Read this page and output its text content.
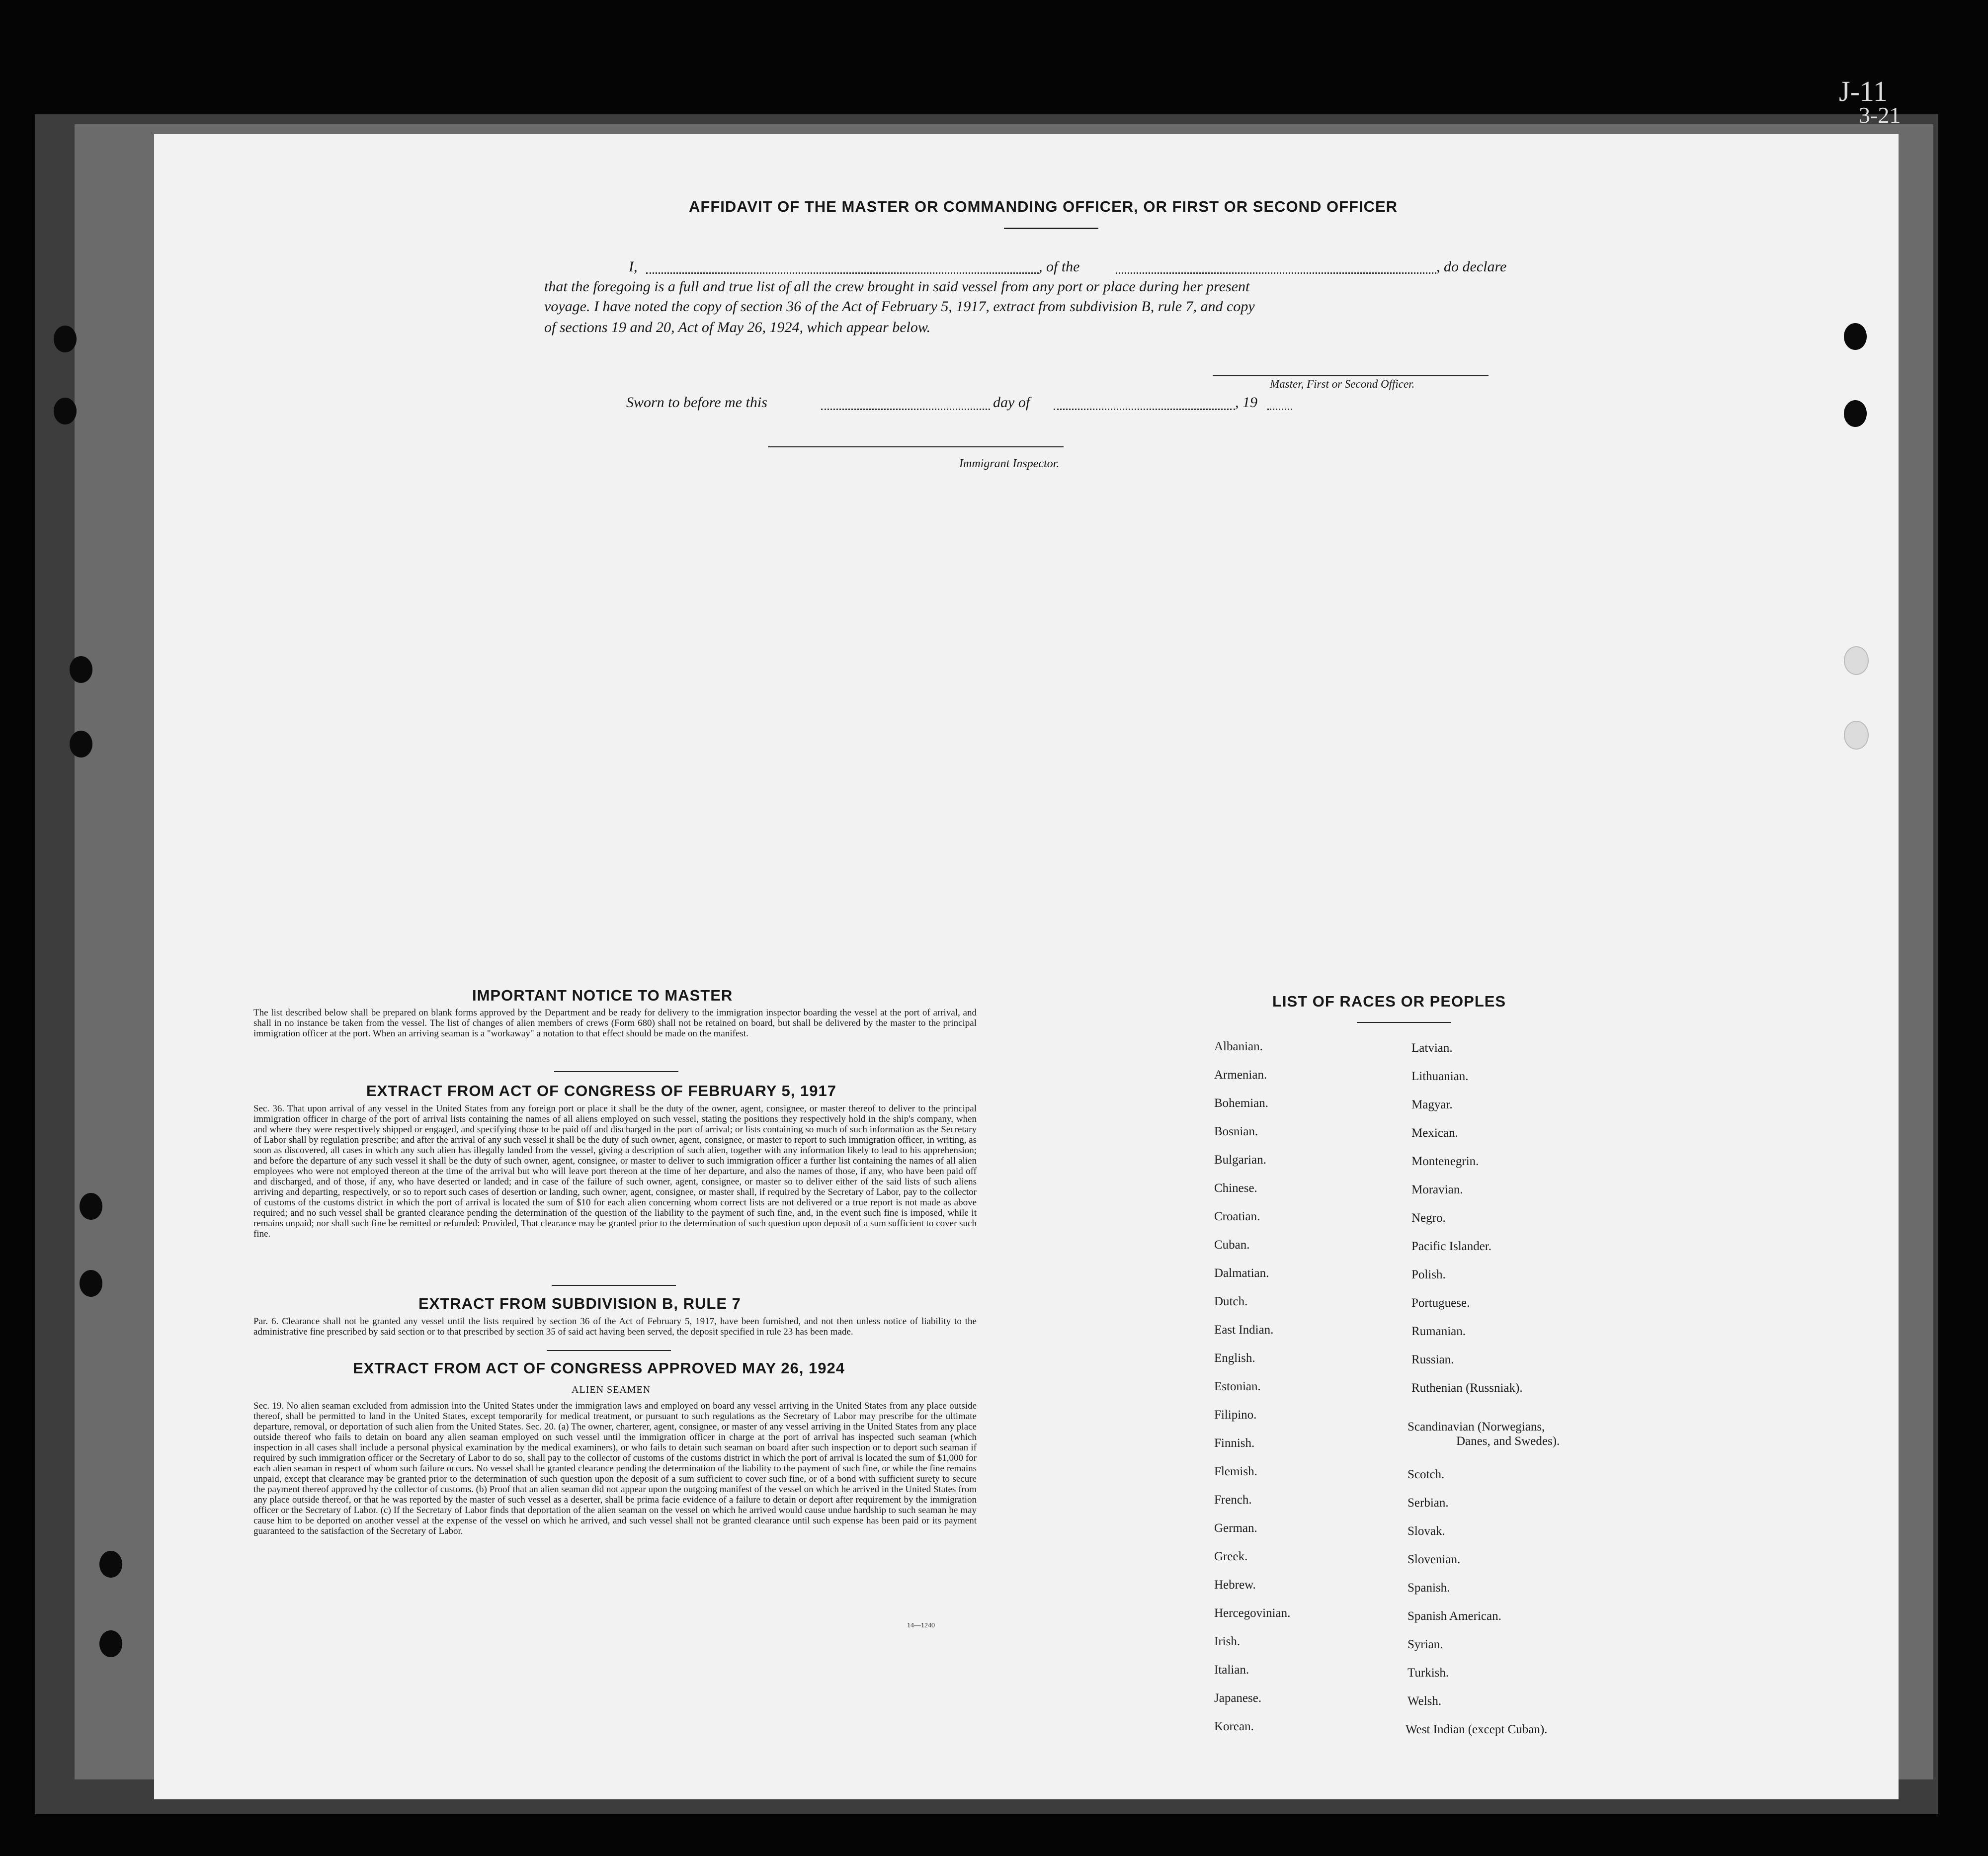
J-11
3-21
AFFIDAVIT OF THE MASTER OR COMMANDING OFFICER, OR FIRST OR SECOND OFFICER
I,	, of the	, do declare
that the foregoing is a full and true list of all the crew brought in said vessel from any port or place during her present
voyage. I have noted the copy of section 36 of the Act of February 5, 1917, extract from subdivision B, rule 7, and copy
of sections 19 and 20, Act of May 26, 1924, which appear below.
Master, First or Second Officer.
Sworn to before me this	day of	, 19
Immigrant Inspector.
IMPORTANT NOTICE TO MASTER
The list described below shall be prepared on blank forms approved by the Department and be ready for delivery to the immigration inspector boarding the vessel at the port of arrival, and shall in no instance be taken from the vessel. The list of changes of alien members of crews (Form 680) shall not be retained on board, but shall be delivered by the master to the principal immigration officer at the port. When an arriving seaman is a "workaway" a notation to that effect should be made on the manifest.
EXTRACT FROM ACT OF CONGRESS OF FEBRUARY 5, 1917
Sec. 36. That upon arrival of any vessel in the United States from any foreign port or place it shall be the duty of the owner, agent, consignee, or master thereof to deliver to the principal immigration officer in charge of the port of arrival lists containing the names of all aliens employed on such vessel, stating the positions they respectively hold in the ship's company, when and where they were respectively shipped or engaged, and specifying those to be paid off and discharged in the port of arrival; or lists containing so much of such information as the Secretary of Labor shall by regulation prescribe; and after the arrival of any such vessel it shall be the duty of such owner, agent, consignee, or master to report to such immigration officer, in writing, as soon as discovered, all cases in which any such alien has illegally landed from the vessel, giving a description of such alien, together with any information likely to lead to his apprehension; and before the departure of any such vessel it shall be the duty of such owner, agent, consignee, or master to deliver to such immigration officer a further list containing the names of all alien employees who were not employed thereon at the time of the arrival but who will leave port thereon at the time of her departure, and also the names of those, if any, who have been paid off and discharged, and of those, if any, who have deserted or landed; and in case of the failure of such owner, agent, consignee, or master so to deliver either of the said lists of such aliens arriving and departing, respectively, or so to report such cases of desertion or landing, such owner, agent, consignee, or master shall, if required by the Secretary of Labor, pay to the collector of customs of the customs district in which the port of arrival is located the sum of $10 for each alien concerning whom correct lists are not delivered or a true report is not made as above required; and no such vessel shall be granted clearance pending the determination of the question of the liability to the payment of such fine, and, in the event such fine is imposed, while it remains unpaid; nor shall such fine be remitted or refunded: Provided, That clearance may be granted prior to the determination of such question upon deposit of a sum sufficient to cover such fine.
EXTRACT FROM SUBDIVISION B, RULE 7
Par. 6. Clearance shall not be granted any vessel until the lists required by section 36 of the Act of February 5, 1917, have been furnished, and not then unless notice of liability to the administrative fine prescribed by said section or to that prescribed by section 35 of said act having been served, the deposit specified in rule 23 has been made.
EXTRACT FROM ACT OF CONGRESS APPROVED MAY 26, 1924
ALIEN SEAMEN
Sec. 19. No alien seaman excluded from admission into the United States under the immigration laws and employed on board any vessel arriving in the United States from any place outside thereof, shall be permitted to land in the United States, except temporarily for medical treatment, or pursuant to such regulations as the Secretary of Labor may prescribe for the ultimate departure, removal, or deportation of such alien from the United States. Sec. 20. (a) The owner, charterer, agent, consignee, or master of any vessel arriving in the United States from any place outside thereof who fails to detain on board any alien seaman employed on such vessel until the immigration officer in charge at the port of arrival has inspected such seaman (which inspection in all cases shall include a personal physical examination by the medical examiners), or who fails to detain such seaman on board after such inspection or to deport such seaman if required by such immigration officer or the Secretary of Labor to do so, shall pay to the collector of customs of the customs district in which the port of arrival is located the sum of $1,000 for each alien seaman in respect of whom such failure occurs. No vessel shall be granted clearance pending the determination of the liability to the payment of such fine, or while the fine remains unpaid, except that clearance may be granted prior to the determination of such question upon the deposit of a sum sufficient to cover such fine, or of a bond with sufficient surety to secure the payment thereof approved by the collector of customs. (b) Proof that an alien seaman did not appear upon the outgoing manifest of the vessel on which he arrived in the United States from any place outside thereof, or that he was reported by the master of such vessel as a deserter, shall be prima facie evidence of a failure to detain or deport after requirement by the immigration officer or the Secretary of Labor. (c) If the Secretary of Labor finds that deportation of the alien seaman on the vessel on which he arrived would cause undue hardship to such seaman he may cause him to be deported on another vessel at the expense of the vessel on which he arrived, and such vessel shall not be granted clearance until such expense has been paid or its payment guaranteed to the satisfaction of the Secretary of Labor.
14—1240
LIST OF RACES OR PEOPLES
Albanian.
Armenian.
Bohemian.
Bosnian.
Bulgarian.
Chinese.
Croatian.
Cuban.
Dalmatian.
Dutch.
East Indian.
English.
Estonian.
Filipino.
Finnish.
Flemish.
French.
German.
Greek.
Hebrew.
Hercegovinian.
Irish.
Italian.
Japanese.
Korean.
Latvian.
Lithuanian.
Magyar.
Mexican.
Montenegrin.
Moravian.
Negro.
Pacific Islander.
Polish.
Portuguese.
Rumanian.
Russian.
Ruthenian (Russniak).
Scandinavian (Norwegians,
Danes, and Swedes).
Scotch.
Serbian.
Slovak.
Slovenian.
Spanish.
Spanish American.
Syrian.
Turkish.
Welsh.
West Indian (except Cuban).
